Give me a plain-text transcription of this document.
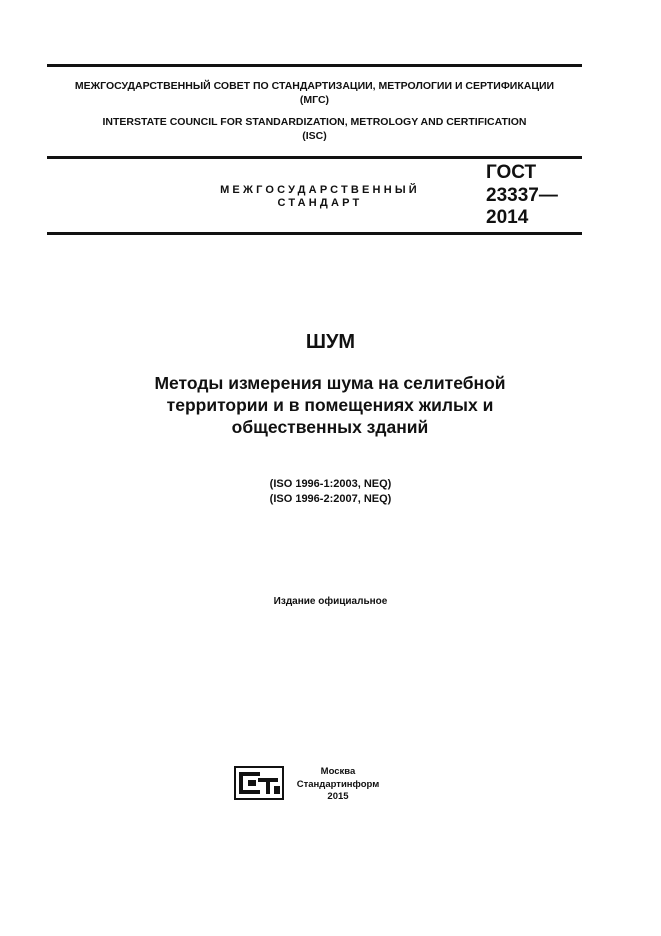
МЕЖГОСУДАРСТВЕННЫЙ СОВЕТ ПО СТАНДАРТИЗАЦИИ, МЕТРОЛОГИИ И СЕРТИФИКАЦИИ
(МГС)
INTERSTATE COUNCIL FOR STANDARDIZATION, METROLOGY AND CERTIFICATION
(ISC)
МЕЖГОСУДАРСТВЕННЫЙ
СТАНДАРТ
ГОСТ
23337—
2014
ШУМ
Методы измерения шума на селитебной
территории и в помещениях жилых и
общественных зданий
(ISO 1996-1:2003, NEQ)
(ISO 1996-2:2007, NEQ)
Издание официальное
Москва
Стандартинформ
2015
